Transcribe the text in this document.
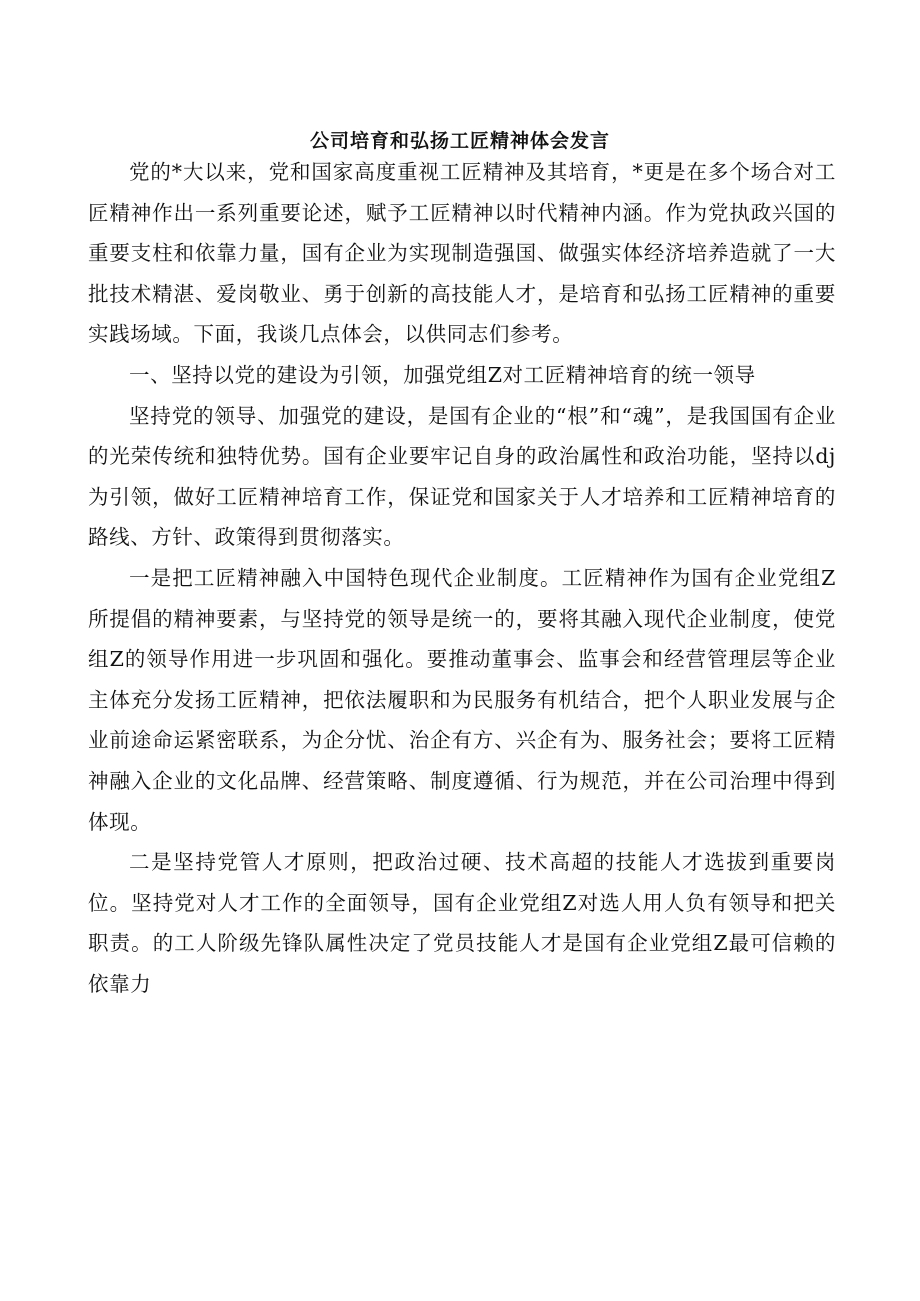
公司培育和弘扬工匠精神体会发言

党的*大以来，党和国家高度重视工匠精神及其培育，*更是在多个场合对工匠精神作出一系列重要论述，赋予工匠精神以时代精神内涵。作为党执政兴国的重要支柱和依靠力量，国有企业为实现制造强国、做强实体经济培养造就了一大批技术精湛、爱岗敬业、勇于创新的高技能人才，是培育和弘扬工匠精神的重要实践场域。下面，我谈几点体会，以供同志们参考。

一、坚持以党的建设为引领，加强党组Z对工匠精神培育的统一领导

坚持党的领导、加强党的建设，是国有企业的“根”和“魂”，是我国国有企业的光荣传统和独特优势。国有企业要牢记自身的政治属性和政治功能，坚持以dj为引领，做好工匠精神培育工作，保证党和国家关于人才培养和工匠精神培育的路线、方针、政策得到贯彻落实。

一是把工匠精神融入中国特色现代企业制度。工匠精神作为国有企业党组Z所提倡的精神要素，与坚持党的领导是统一的，要将其融入现代企业制度，使党组Z的领导作用进一步巩固和强化。要推动董事会、监事会和经营管理层等企业主体充分发扬工匠精神，把依法履职和为民服务有机结合，把个人职业发展与企业前途命运紧密联系，为企分忧、治企有方、兴企有为、服务社会；要将工匠精神融入企业的文化品牌、经营策略、制度遵循、行为规范，并在公司治理中得到体现。

二是坚持党管人才原则，把政治过硬、技术高超的技能人才选拔到重要岗位。坚持党对人才工作的全面领导，国有企业党组Z对选人用人负有领导和把关职责。的工人阶级先锋队属性决定了党员技能人才是国有企业党组Z最可信赖的依靠力
